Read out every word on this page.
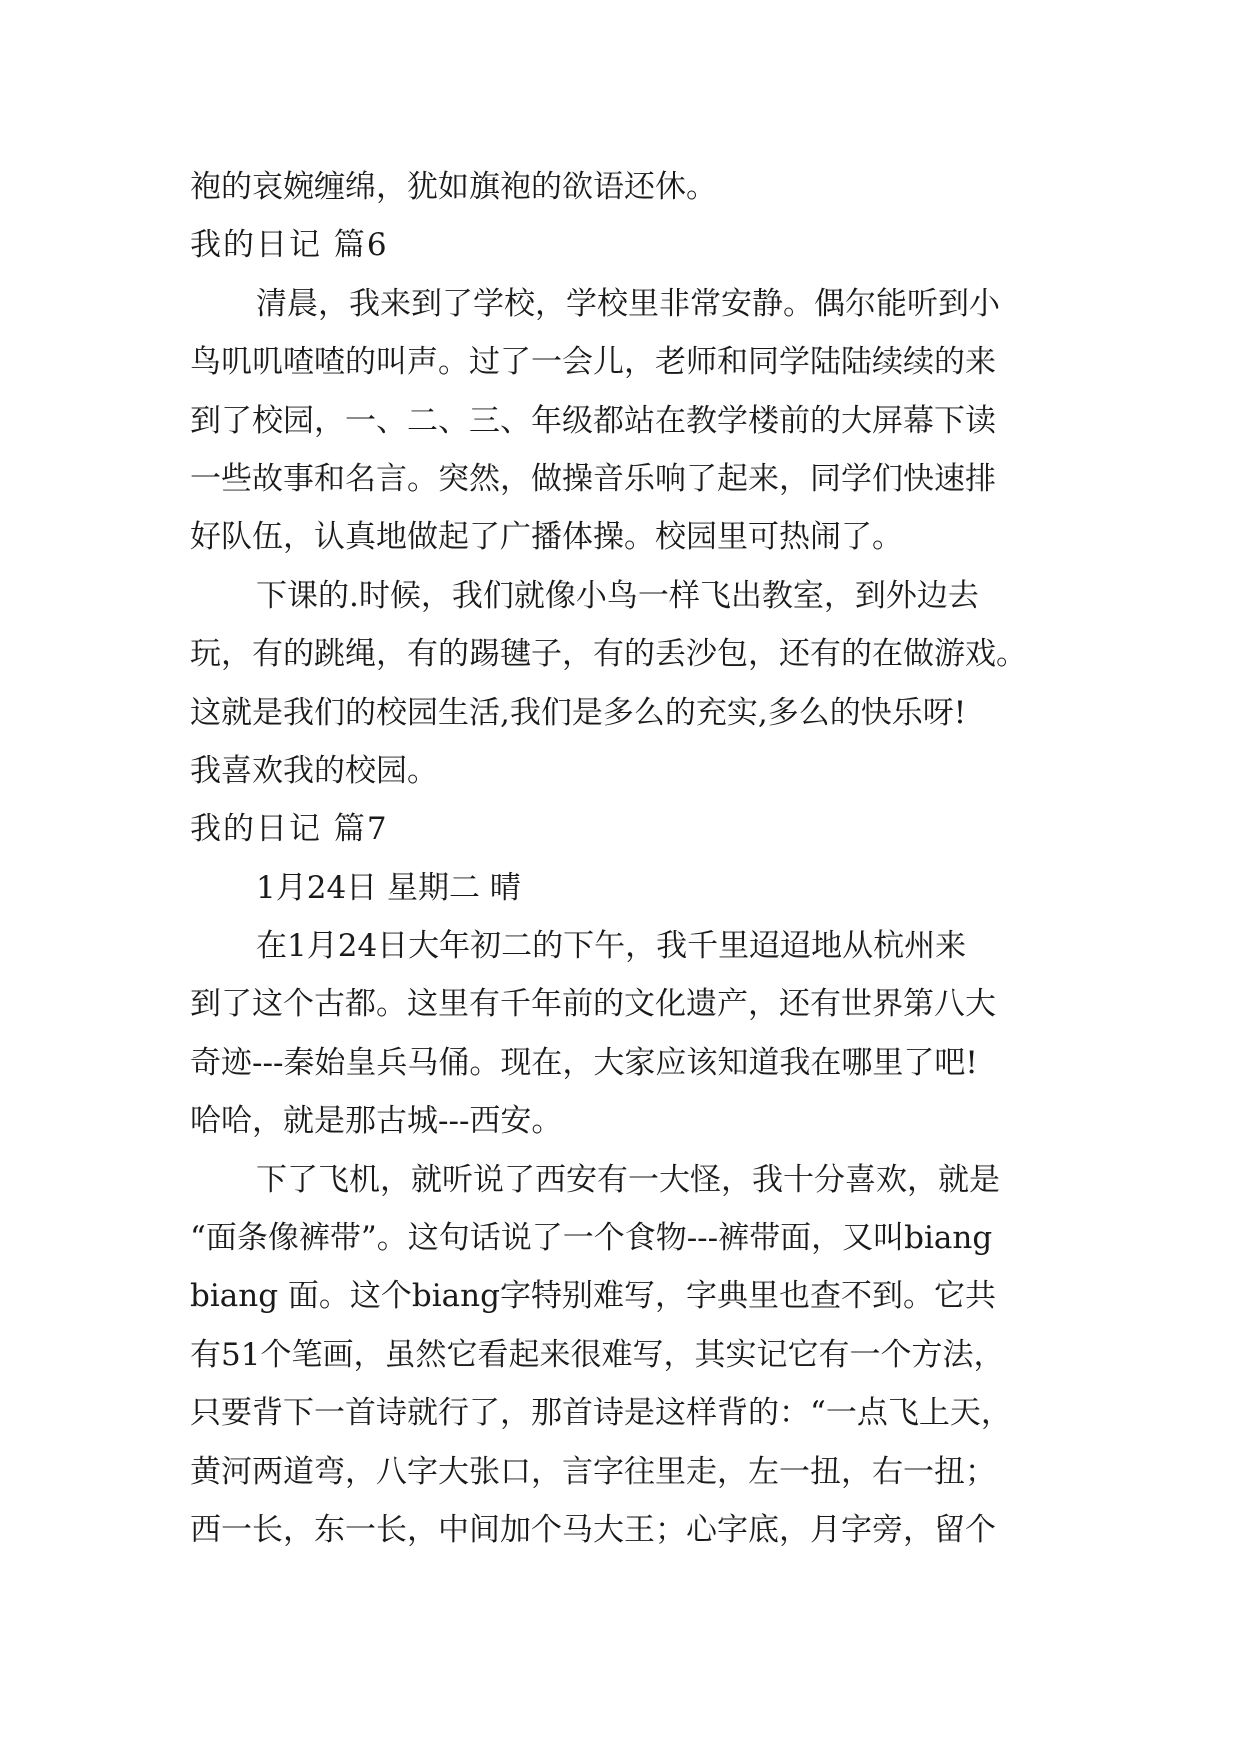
袍的哀婉缠绵，犹如旗袍的欲语还休。
我的日记 篇6
清晨，我来到了学校，学校里非常安静。偶尔能听到小
鸟叽叽喳喳的叫声。过了一会儿，老师和同学陆陆续续的来
到了校园，一、二、三、年级都站在教学楼前的大屏幕下读
一些故事和名言。突然，做操音乐响了起来，同学们快速排
好队伍，认真地做起了广播体操。校园里可热闹了。
下课的.时候，我们就像小鸟一样飞出教室，到外边去
玩，有的跳绳，有的踢毽子，有的丢沙包，还有的在做游戏。
这就是我们的校园生活,我们是多么的充实,多么的快乐呀!
我喜欢我的校园。
我的日记 篇7
1月24日 星期二 晴
在1月24日大年初二的下午，我千里迢迢地从杭州来
到了这个古都。这里有千年前的文化遗产，还有世界第八大
奇迹---秦始皇兵马俑。现在，大家应该知道我在哪里了吧!
哈哈，就是那古城---西安。
下了飞机，就听说了西安有一大怪，我十分喜欢，就是
“面条像裤带”。这句话说了一个食物---裤带面，又叫biang
biang 面。这个biang字特别难写，字典里也查不到。它共
有51个笔画，虽然它看起来很难写，其实记它有一个方法，
只要背下一首诗就行了，那首诗是这样背的：“一点飞上天，
黄河两道弯，八字大张口，言字往里走，左一扭，右一扭；
西一长，东一长，中间加个马大王；心字底，月字旁，留个
